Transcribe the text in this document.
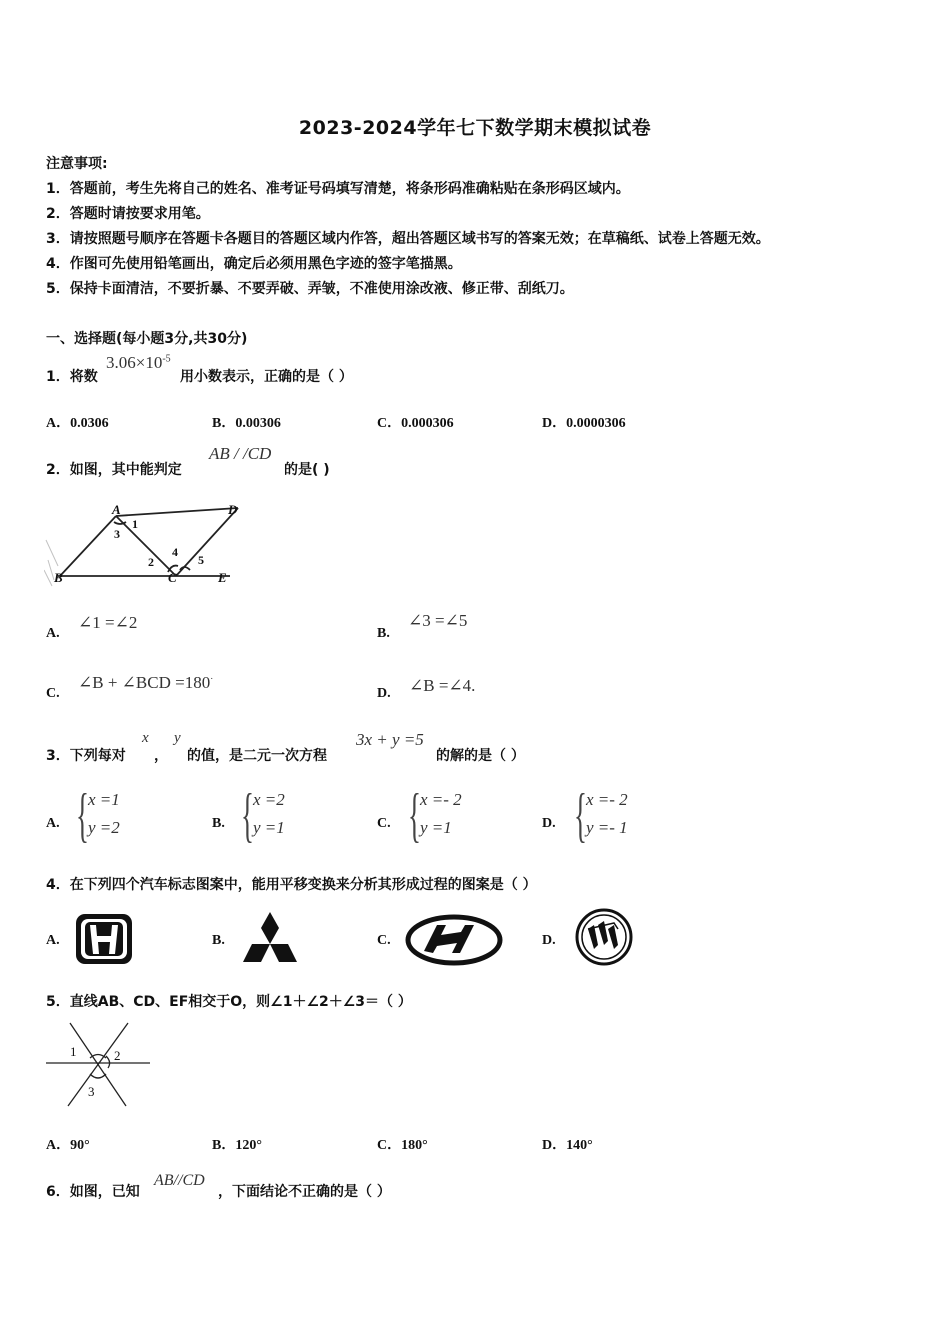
2023-2024学年七下数学期末模拟试卷
注意事项:
1．答题前，考生先将自己的姓名、准考证号码填写清楚，将条形码准确粘贴在条形码区域内。
2．答题时请按要求用笔。
3．请按照题号顺序在答题卡各题目的答题区域内作答，超出答题区域书写的答案无效；在草稿纸、试卷上答题无效。
4．作图可先使用铅笔画出，确定后必须用黑色字迹的签字笔描黑。
5．保持卡面清洁，不要折暴、不要弄破、弄皱，不准使用涂改液、修正带、刮纸刀。
一、选择题(每小题3分,共30分)
1．将数
$3.06\times 10^{-5}$
用小数表示，正确的是（ ）
A．0.0306	B．0.00306	C．0.000306	D．0.0000306
2．如图，其中能判定
AB / /CD
的是( )
A	D
B	C	E
1
3
2
4
5
A.
∠1 =∠2
B.
∠3 =∠5
C.
∠B + ∠BCD =180·
D. ∠B =∠4.
3．下列每对
x
，
y
的值，是二元一次方程
3x + y =5
的解的是（ ）
A. { x =1
y =2	B. { x =2
y =1	C. { x =- 2
y =1	D. { x =- 2
y =- 1
4．在下列四个汽车标志图案中，能用平移变换来分析其形成过程的图案是（ ）
A.	B.	C.	D.
5．直线AB、CD、EF相交于O，则∠1＋∠2＋∠3＝（ ）
1	2
3
A．90°	B．120°	C．180°	D．140°
6．如图，已知
AB//CD
，下面结论不正确的是（ ）
